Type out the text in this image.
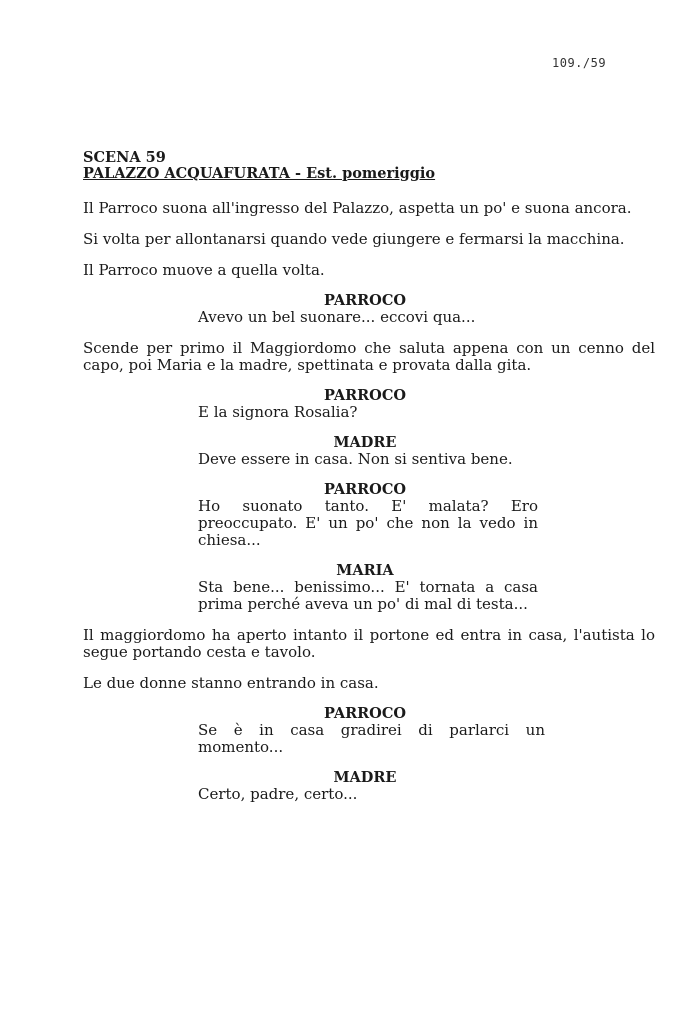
109./59
SCENA 59
PALAZZO ACQUAFURATA - Est. pomeriggio

Il Parroco suona all'ingresso del Palazzo, aspetta un po' e suona ancora.

Si volta per allontanarsi quando vede giungere e fermarsi la macchina.

Il Parroco muove a quella volta.

PARROCO
Avevo un bel suonare... eccovi qua...

Scende per primo il Maggiordomo che saluta appena con un cenno del capo, poi Maria e la madre, spettinata e provata dalla gita.

PARROCO
E la signora Rosalia?
MADRE
Deve essere in casa. Non si sentiva bene.
PARROCO
Ho suonato tanto. E' malata? Ero preoccupato. E' un po' che non la vedo in chiesa...
MARIA
Sta bene... benissimo... E' tornata a casa prima perché aveva un po' di mal di testa...

Il maggiordomo ha aperto intanto il portone ed entra in casa, l'autista lo segue portando cesta e tavolo.

Le due donne stanno entrando in casa.

PARROCO
Se è in casa gradirei di parlarci un momento...
MADRE
Certo, padre, certo...
